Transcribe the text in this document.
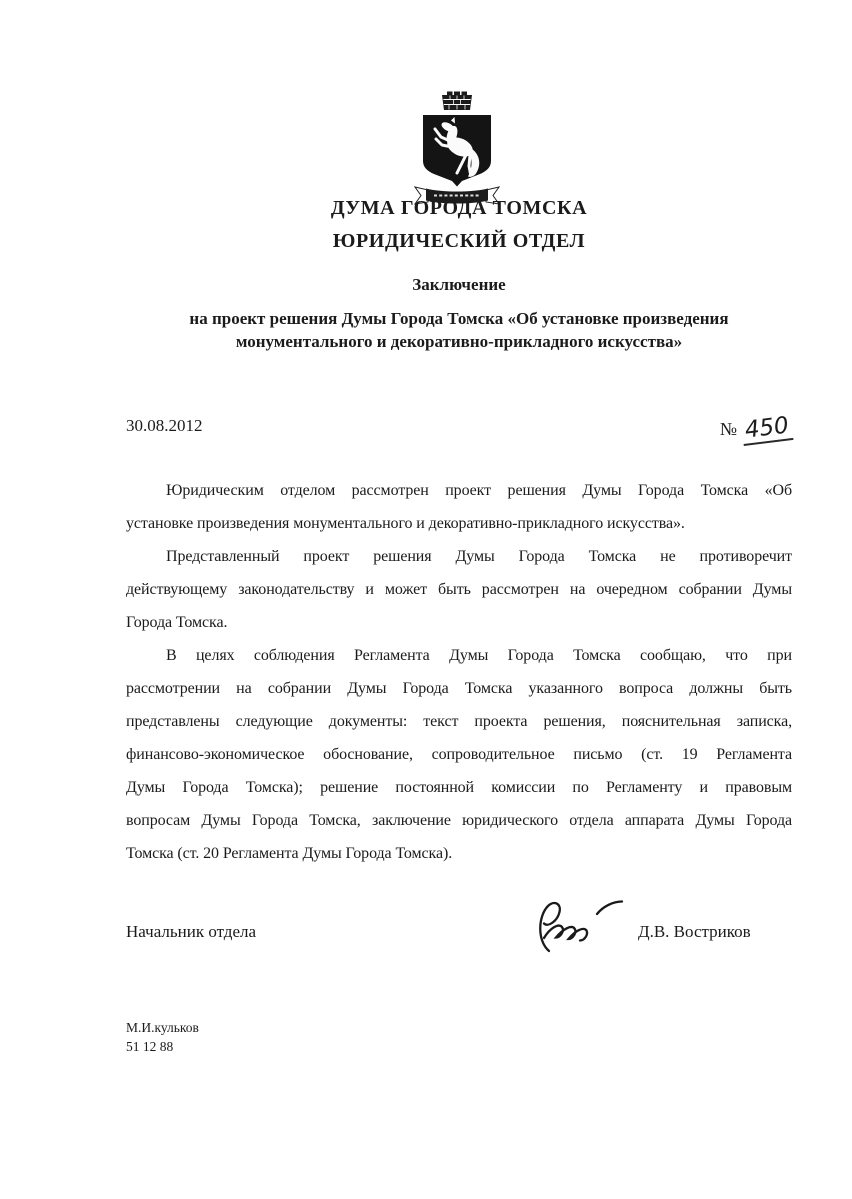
ДУМА ГОРОДА ТОМСКА
ЮРИДИЧЕСКИЙ ОТДЕЛ
Заключение
на проект решения Думы Города Томска «Об установке произведения
монументального и декоративно-прикладного искусства»
30.08.2012	№ 450
Юридическим отделом рассмотрен проект решения Думы Города Томска «Об
установке произведения монументального и декоративно-прикладного искусства».
Представленный проект решения Думы Города Томска не противоречит
действующему законодательству и может быть рассмотрен на очередном собрании Думы
Города Томска.
В целях соблюдения Регламента Думы Города Томска сообщаю, что при
рассмотрении на собрании Думы Города Томска указанного вопроса должны быть
представлены следующие документы: текст проекта решения, пояснительная записка,
финансово-экономическое обоснование, сопроводительное письмо (ст. 19 Регламента
Думы Города Томска); решение постоянной комиссии по Регламенту и правовым
вопросам Думы Города Томска, заключение юридического отдела аппарата Думы Города
Томска (ст. 20 Регламента Думы Города Томска).
Начальник отдела	Д.В. Востриков
М.И.кульков
51 12 88
